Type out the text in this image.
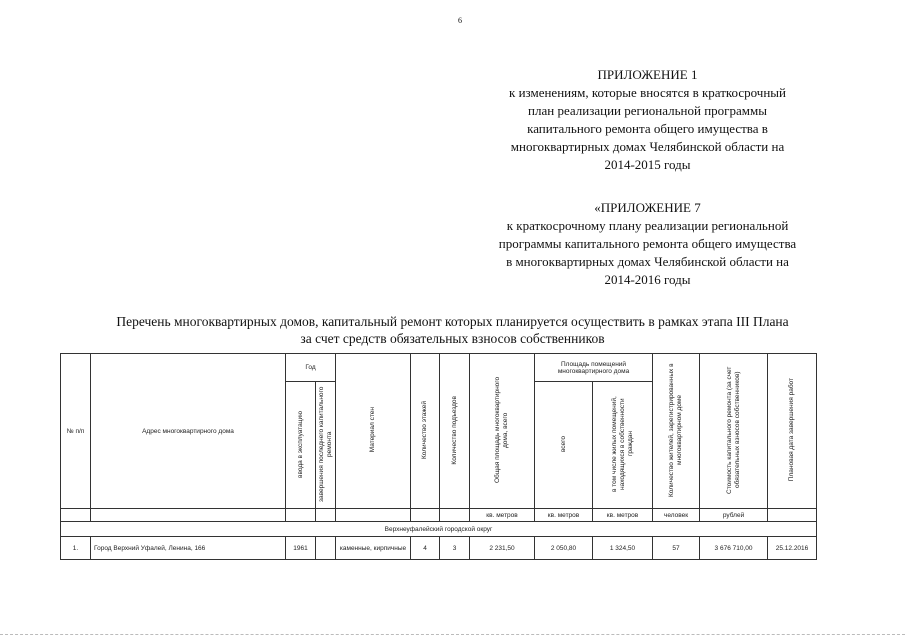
6
ПРИЛОЖЕНИЕ 1
к изменениям, которые вносятся в краткосрочный
план реализации региональной программы
капитального ремонта общего имущества в
многоквартирных домах Челябинской области на
2014-2015 годы
«ПРИЛОЖЕНИЕ 7
к краткосрочному плану реализации региональной
программы капитального ремонта общего имущества
в многоквартирных домах Челябинской области на
2014-2016 годы
Перечень многоквартирных домов, капитальный ремонт которых планируется осуществить в рамках этапа III Плана
за счет средств обязательных взносов собственников
№ п/п	Адрес многоквартирного дома	Год		Материал стен	Количество этажей	Количество подъездов	Общая площадь многоквартирного дома, всего	Площадь помещений многоквартирного дома		Количество жителей, зарегистрированных в многоквартирном доме	Стоимость капитального ремонта (за счет обязательных взносов собственников)	Плановая дата завершения работ
		ввода в эксплуатацию	завершения последнего капитального ремонта					всего	в том числе жилых помещений, находящихся в собственности граждан			
							кв. метров	кв. метров	кв. метров	человек	рублей	
Верхнеуфалейский городской округ												
1.	Город Верхний Уфалей, Ленина, 166	1961		каменные, кирпичные	4	3	2 231,50	2 050,80	1 324,50	57	3 676 710,00	25.12.2016
